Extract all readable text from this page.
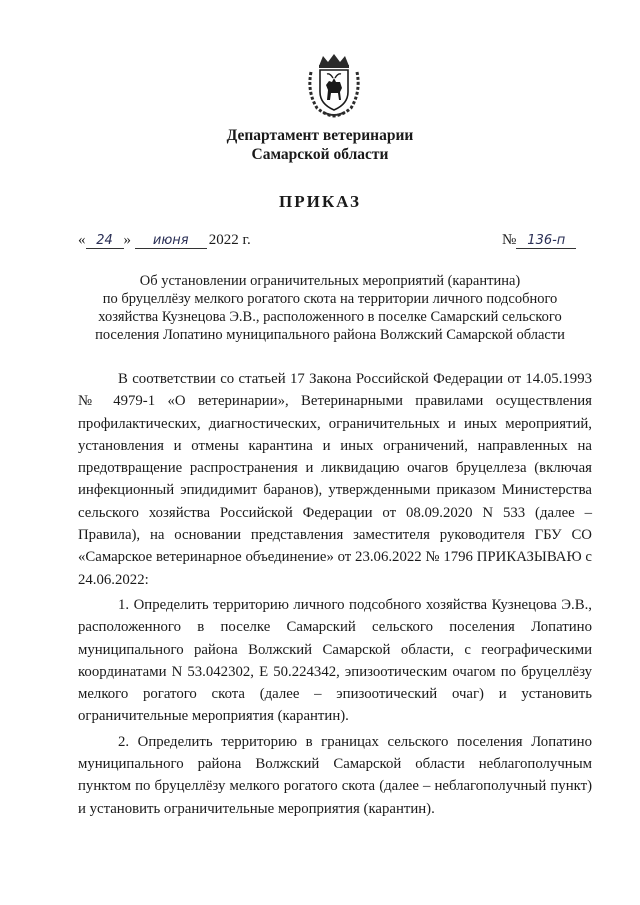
Департамент ветеринарии
Самарской области
ПРИКАЗ
« 24 » июня 2022 г.	№ 136-п
Об установлении ограничительных мероприятий (карантина)
по бруцеллёзу мелкого рогатого скота на территории личного подсобного
хозяйства Кузнецова Э.В., расположенного в поселке Самарский сельского
поселения Лопатино муниципального района Волжский Самарской области

В соответствии со статьей 17 Закона Российской Федерации от 14.05.1993 № 4979-1 «О ветеринарии», Ветеринарными правилами осуществления профилактических, диагностических, ограничительных и иных мероприятий, установления и отмены карантина и иных ограничений, направленных на предотвращение распространения и ликвидацию очагов бруцеллеза (включая инфекционный эпидидимит баранов), утвержденными приказом Министерства сельского хозяйства Российской Федерации от 08.09.2020 N 533 (далее – Правила), на основании представления заместителя руководителя ГБУ СО «Самарское ветеринарное объединение» от 23.06.2022 № 1796 ПРИКАЗЫВАЮ с 24.06.2022:

1. Определить территорию личного подсобного хозяйства Кузнецова Э.В., расположенного в поселке Самарский сельского поселения Лопатино муниципального района Волжский Самарской области, с географическими координатами N 53.042302, E 50.224342, эпизоотическим очагом по бруцеллёзу мелкого рогатого скота (далее – эпизоотический очаг) и установить ограничительные мероприятия (карантин).

2. Определить территорию в границах сельского поселения Лопатино муниципального района Волжский Самарской области неблагополучным пунктом по бруцеллёзу мелкого рогатого скота (далее – неблагополучный пункт) и установить ограничительные мероприятия (карантин).
